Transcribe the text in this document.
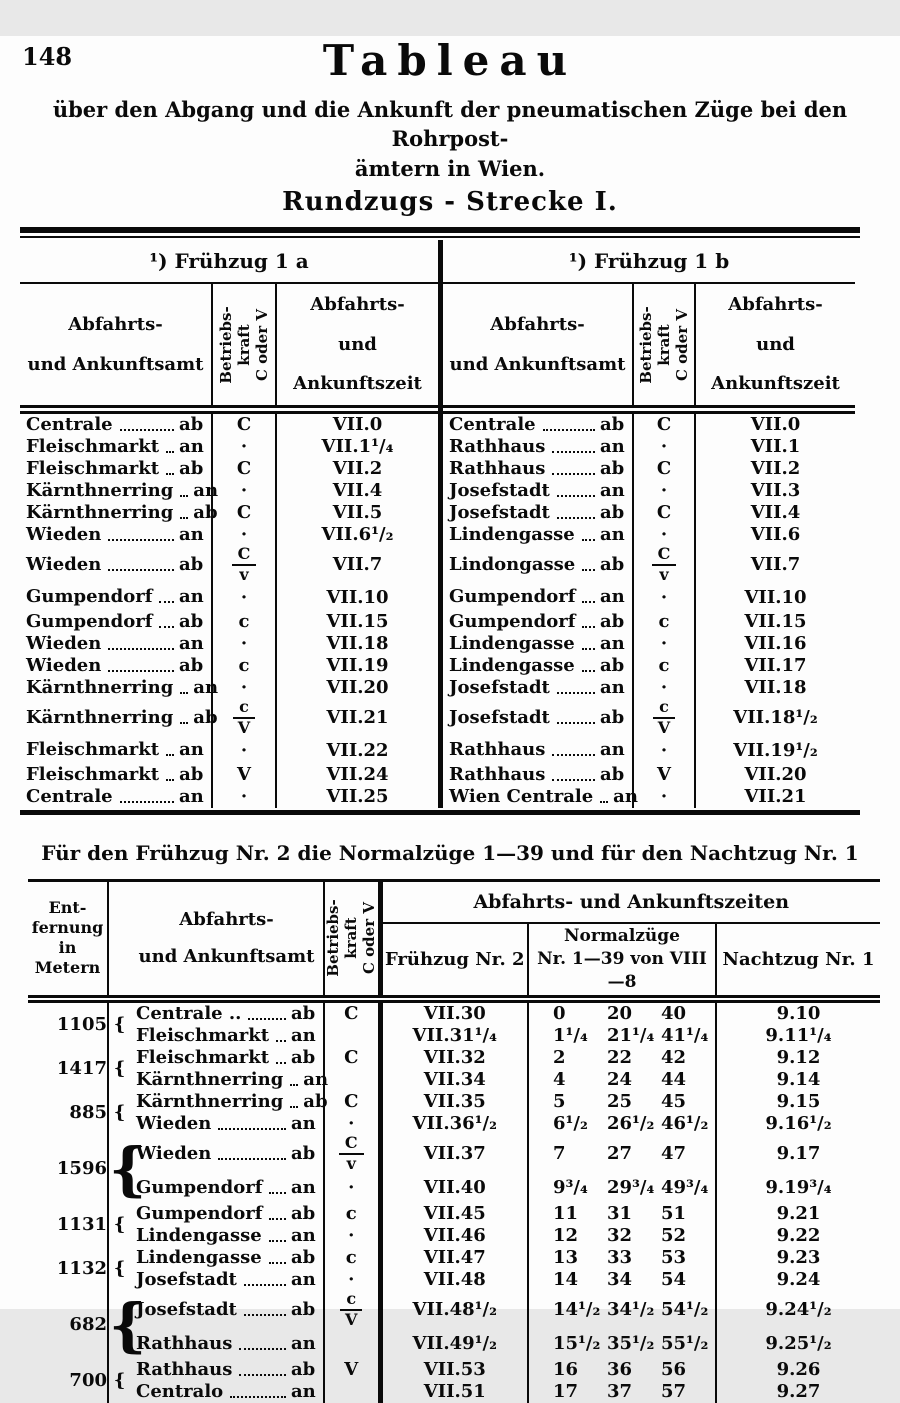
148	Tableau
über den Abgang und die Ankunft der pneumatischen Züge bei den Rohrpost-
ämtern in Wien.
Rundzugs - Strecke I.
¹) Frühzug 1 a		

Abfahrts-
und Ankunftsamt	Betriebs-
kraft
C oder V

Abfahrts-
und Ankunftszeit

Centrale ab	C	VII.0

Fleischmarkt an	·	VII.1¹/₄

Fleischmarkt ab	C	VII.2

Kärnthnerring an	·	VII.4

Kärnthnerring ab	C	VII.5

Wieden an	·	VII.6¹/₂

Wieden ab	$\frac{C}{v}$	VII.7

Gumpendorf an	·	VII.10

Gumpendorf ab	c	VII.15

Wieden an	·	VII.18

Wieden ab	c	VII.19

Kärnthnerring an	·	VII.20

Kärnthnerring ab	$\frac{c}{V}$	VII.21

Fleischmarkt an	·	VII.22

Fleischmarkt ab	V	VII.24

Centrale an	·	VII.25
¹) Frühzug 1 b		

Abfahrts-
und Ankunftsamt	Betriebs-
kraft
C oder V

Abfahrts-
und Ankunftszeit

Centrale ab	C	VII.0

Rathhaus an	·	VII.1

Rathhaus ab	C	VII.2

Josefstadt an	·	VII.3

Josefstadt ab	C	VII.4

Lindengasse an	·	VII.6

Lindongasse ab	$\frac{C}{v}$	VII.7

Gumpendorf an	·	VII.10

Gumpendorf ab	c	VII.15

Lindengasse an	·	VII.16

Lindengasse ab	c	VII.17

Josefstadt an	·	VII.18

Josefstadt ab	$\frac{c}{V}$	VII.18¹/₂

Rathhaus an	·	VII.19¹/₂

Rathhaus ab	V	VII.20

Wien Centrale an	·	VII.21
Für den Frühzug Nr. 2 die Normalzüge 1—39 und für den Nachtzug Nr. 1
Ent-
fernung
in
Metern

Abfahrts-
und Ankunftsamt	Betriebs-
kraft
C oder V
	Abfahrts- und Ankunftszeiten
				Frühzug Nr. 2	Normalzüge
Nr. 1—39 von VIII—8	Nachtzug Nr. 1
1105	{	Centrale .. ab	C	VII.30	0 20 40	9.10

		Fleischmarkt an		VII.31¹/₄	1¹/₄ 21¹/₄ 41¹/₄	9.11¹/₄
1417	{	Fleischmarkt ab	C	VII.32	2 22 42	9.12

		Kärnthnerring an		VII.34	4 24 44	9.14
885	{	Kärnthnerring ab	C	VII.35	5 25 45	9.15

		Wieden an	·	VII.36¹/₂	6¹/₂ 26¹/₂ 46¹/₂	9.16¹/₂
1596	{	Wieden ab	$\frac{C}{v}$	VII.37	7 27 47	9.17

		Gumpendorf an	·	VII.40	9³/₄ 29³/₄ 49³/₄	9.19³/₄
1131	{	Gumpendorf ab	c	VII.45	11 31 51	9.21

		Lindengasse an	·	VII.46	12 32 52	9.22
1132	{	Lindengasse ab	c	VII.47	13 33 53	9.23

		Josefstadt an	·	VII.48	14 34 54	9.24
682	{	Josefstadt ab	$\frac{c}{V}$	VII.48¹/₂	14¹/₂ 34¹/₂ 54¹/₂	9.24¹/₂

		Rathhaus an		VII.49¹/₂	15¹/₂ 35¹/₂ 55¹/₂	9.25¹/₂
700	{	Rathhaus ab	V	VII.53	16 36 56	9.26

		Centralo an		VII.51	17 37 57	9.27
